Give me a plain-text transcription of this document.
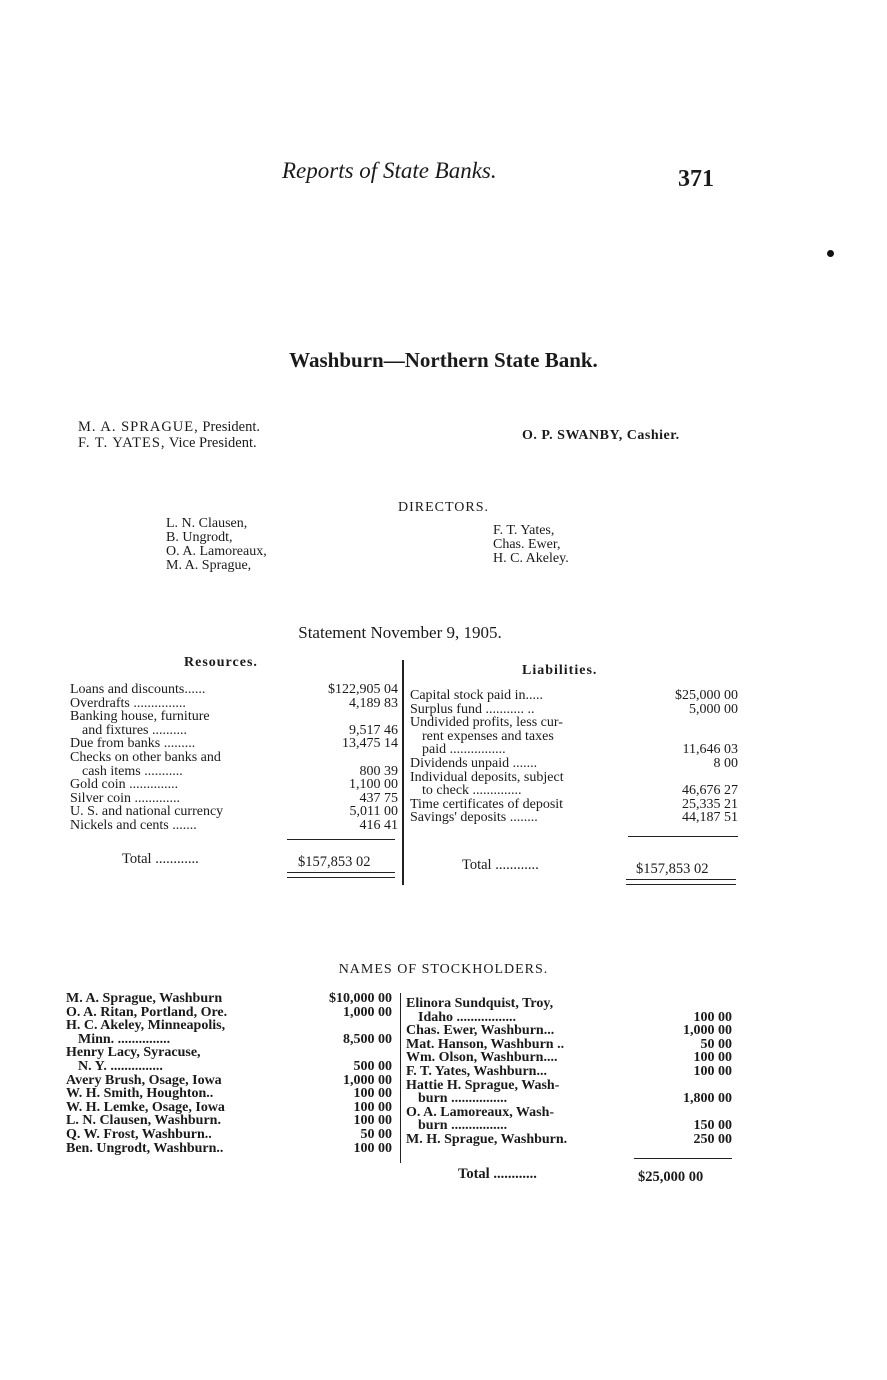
Reports of State Banks.	371
Washburn—Northern State Bank.
M. A. SPRAGUE, President.
F. T. YATES, Vice President.	O. P. SWANBY, Cashier.
DIRECTORS.
L. N. Clausen,
B. Ungrodt,
O. A. Lamoreaux,
M. A. Sprague,
F. T. Yates,
Chas. Ewer,
H. C. Akeley.
Statement November 9, 1905.
Resources.
Liabilities.
Loans and discounts......	$122,905 04
Overdrafts ...............	4,189 83
Banking house, furniture
and fixtures ..........	9,517 46
Due from banks .........	13,475 14
Checks on other banks and
cash items ...........	800 39
Gold coin ..............	1,100 00
Silver coin .............	437 75
U. S. and national currency	5,011 00
Nickels and cents .......	416 41
Total ............	$157,853 02
Capital stock paid in.....	$25,000 00
Surplus fund ........... ..	5,000 00
Undivided profits, less cur-
rent expenses and taxes
paid ................	11,646 03
Dividends unpaid .......	8 00
Individual deposits, subject
to check ..............	46,676 27
Time certificates of deposit	25,335 21
Savings' deposits ........	44,187 51
Total ............	$157,853 02
NAMES OF STOCKHOLDERS.
M. A. Sprague, Washburn	$10,000 00
O. A. Ritan, Portland, Ore.	1,000 00
H. C. Akeley, Minneapolis,
Minn. ...............	8,500 00
Henry Lacy, Syracuse,
N. Y. ...............	500 00
Avery Brush, Osage, Iowa	1,000 00
W. H. Smith, Houghton..	100 00
W. H. Lemke, Osage, Iowa	100 00
L. N. Clausen, Washburn.	100 00
Q. W. Frost, Washburn..	50 00
Ben. Ungrodt, Washburn..	100 00
Elinora Sundquist, Troy,
Idaho .................	100 00
Chas. Ewer, Washburn...	1,000 00
Mat. Hanson, Washburn ..	50 00
Wm. Olson, Washburn....	100 00
F. T. Yates, Washburn...	100 00
Hattie H. Sprague, Wash-
burn ................	1,800 00
O. A. Lamoreaux, Wash-
burn ................	150 00
M. H. Sprague, Washburn.	250 00
Total ............	$25,000 00
